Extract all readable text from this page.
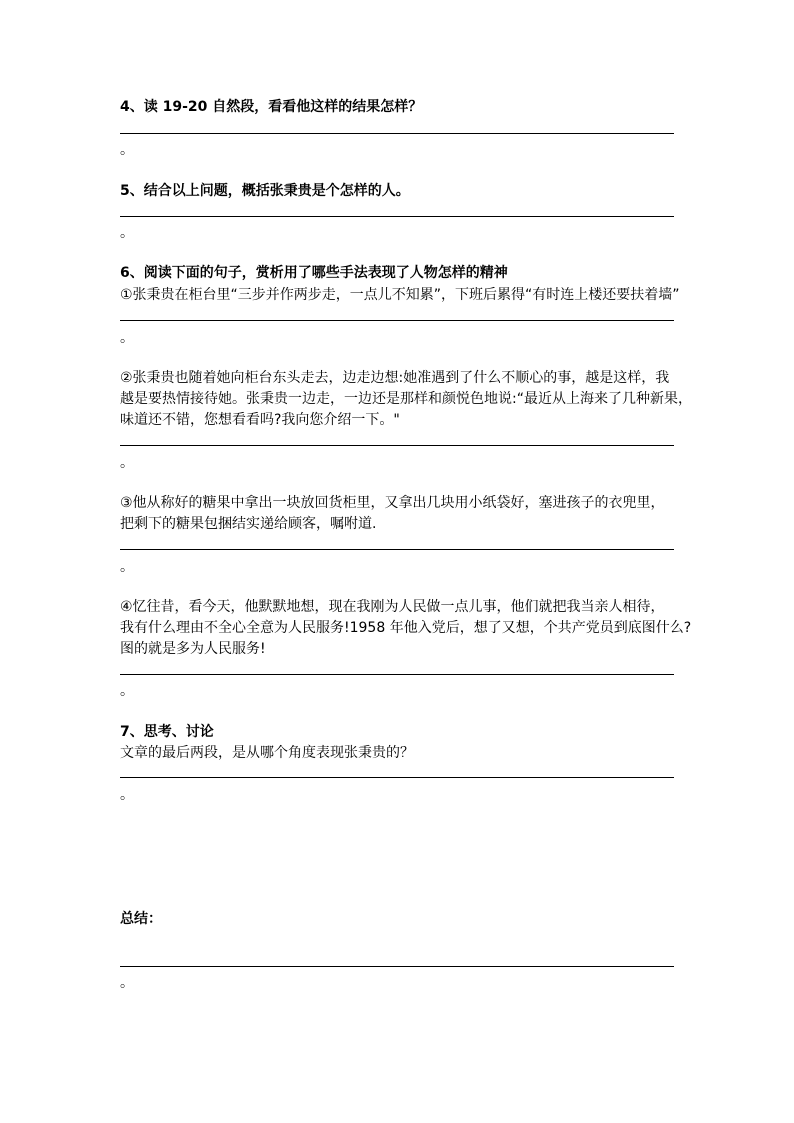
4、读 19-20 自然段，看看他这样的结果怎样？
。
5、结合以上问题，概括张秉贵是个怎样的人。
。
6、阅读下面的句子，赏析用了哪些手法表现了人物怎样的精神
①张秉贵在柜台里“三步并作两步走，一点儿不知累”，下班后累得“有时连上楼还要扶着墙”
。
②张秉贵也随着她向柜台东头走去，边走边想:她准遇到了什么不顺心的事，越是这样，我
越是要热情接待她。张秉贵一边走，一边还是那样和颜悦色地说:“最近从上海来了几种新果，
味道还不错，您想看看吗?我向您介绍一下。"
。
③他从称好的糖果中拿出一块放回货柜里，又拿出几块用小纸袋好，塞进孩子的衣兜里，
把剩下的糖果包捆结实递给顾客，嘱咐道.
。
④忆往昔，看今天，他默默地想，现在我刚为人民做一点儿事，他们就把我当亲人相待，
我有什么理由不全心全意为人民服务!1958 年他入党后，想了又想，个共产党员到底图什么?
图的就是多为人民服务!
。
7、思考、讨论
文章的最后两段，是从哪个角度表现张秉贵的？
。
总结：
。
